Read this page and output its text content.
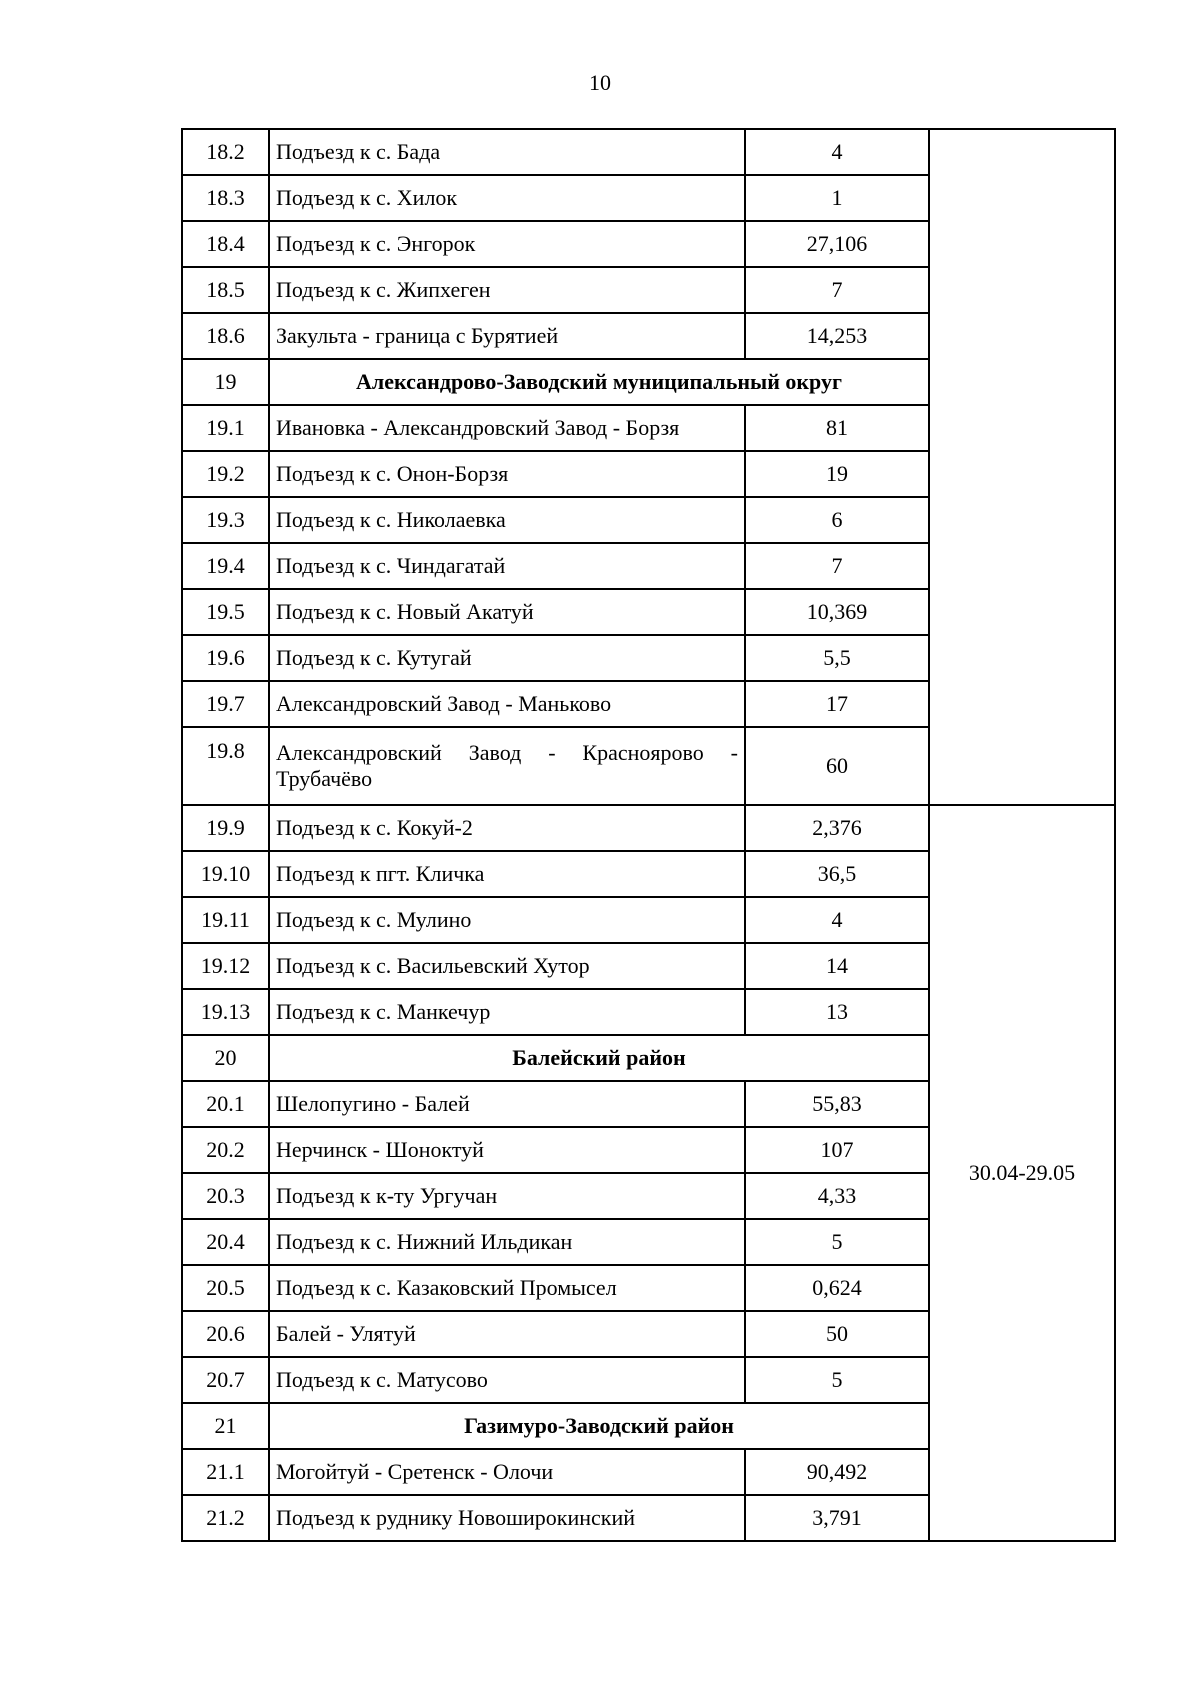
10
18.2	Подъезд к с. Бада	4	
18.3	Подъезд к с. Хилок	1	
18.4	Подъезд к с. Энгорок	27,106	
18.5	Подъезд к с. Жипхеген	7	
18.6	Закульта - граница с Бурятией	14,253	
19	Александрово-Заводский муниципальный округ		
19.1	Ивановка - Александровский Завод - Борзя	81	
19.2	Подъезд к с. Онон-Борзя	19	
19.3	Подъезд к с. Николаевка	6	
19.4	Подъезд к с. Чиндагатай	7	
19.5	Подъезд к с. Новый Акатуй	10,369	
19.6	Подъезд к с. Кутугай	5,5	
19.7	Александровский Завод - Маньково	17	
19.8	Александровский Завод - Краснoярово - Трубачёво	60	
19.9	Подъезд к с. Кокуй-2	2,376	30.04-29.05
19.10	Подъезд к пгт. Кличка	36,5	
19.11	Подъезд к с. Мулино	4	
19.12	Подъезд к с. Васильевский Хутор	14	
19.13	Подъезд к с. Манкечур	13	
20	Балейский район		
20.1	Шелопугино - Балей	55,83	
20.2	Нерчинск - Шоноктуй	107	
20.3	Подъезд к к-ту Ургучан	4,33	
20.4	Подъезд к с. Нижний Ильдикан	5	
20.5	Подъезд к с. Казаковский Промысел	0,624	
20.6	Балей - Улятуй	50	
20.7	Подъезд к с. Матусово	5	
21	Газимуро-Заводский район		
21.1	Могойтуй - Сретенск - Олочи	90,492	
21.2	Подъезд к руднику Новоширокинский	3,791	
